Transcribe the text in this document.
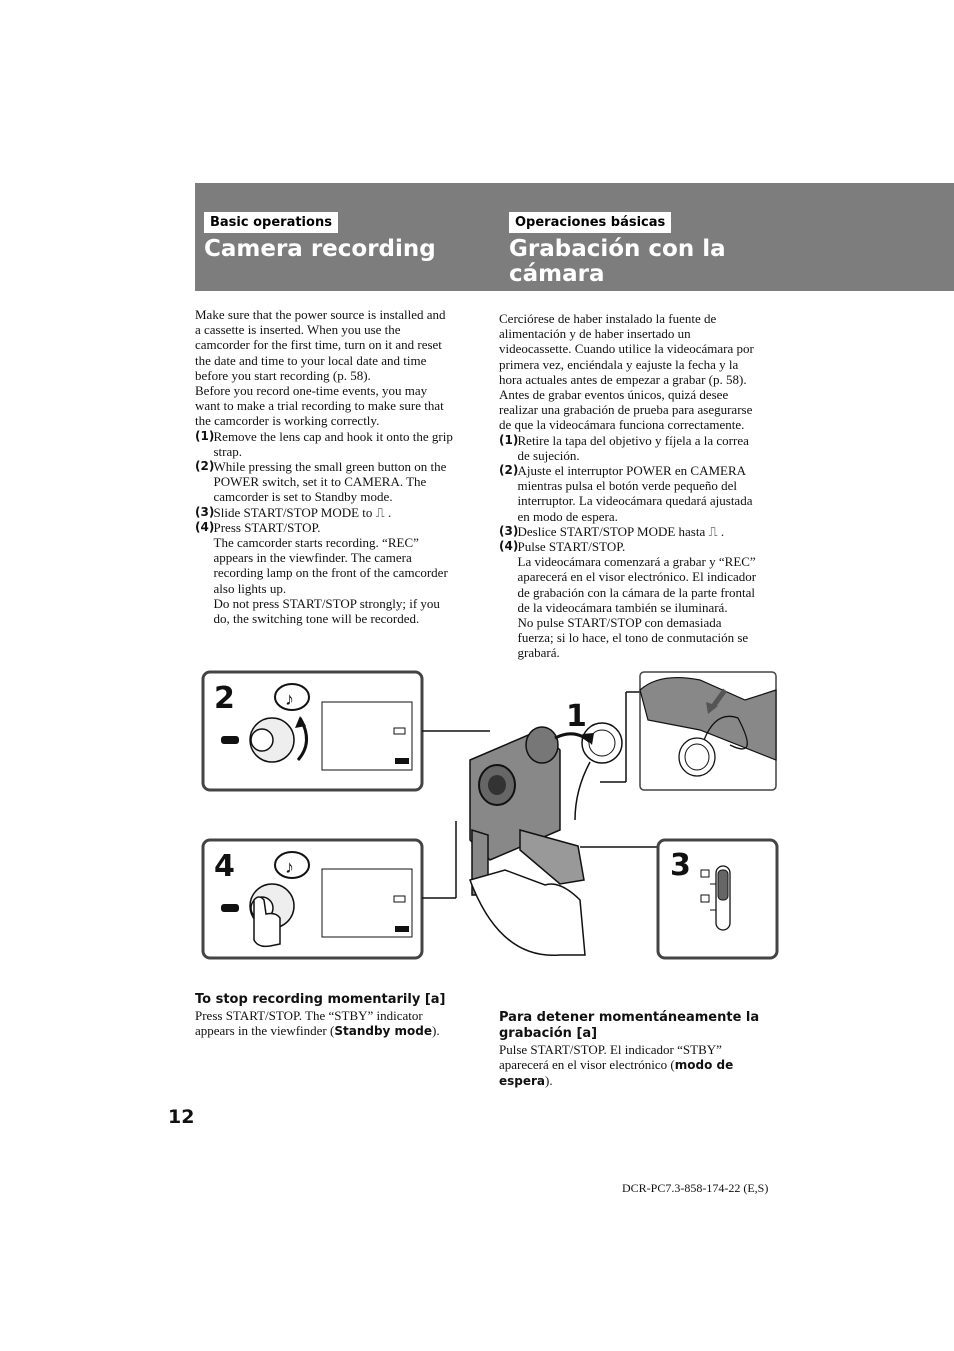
Basic operations
Camera recording
Operaciones básicas
Grabación con la
cámara

Make sure that the power source is installed and

a cassette is inserted. When you use the

camcorder for the first time, turn on it and reset

the date and time to your local date and time

before you start recording (p. 58).

Before you record one-time events, you may

want to make a trial recording to make sure that

the camcorder is working correctly.

(1) Remove the lens cap and hook it onto the grip

strap.

(2) While pressing the small green button on the

POWER switch, set it to CAMERA. The

camcorder is set to Standby mode.

(3) Slide START/STOP MODE to ⎍ .

(4) Press START/STOP.

The camcorder starts recording. “REC”

appears in the viewfinder. The camera

recording lamp on the front of the camcorder

also lights up.

Do not press START/STOP strongly; if you

do, the switching tone will be recorded.

Cerciórese de haber instalado la fuente de

alimentación y de haber insertado un

videocassette. Cuando utilice la videocámara por

primera vez, enciéndala y eajuste la fecha y la

hora actuales antes de empezar a grabar (p. 58).

Antes de grabar eventos únicos, quizá desee

realizar una grabación de prueba para asegurarse

de que la videocámara funciona correctamente.

(1) Retire la tapa del objetivo y fíjela a la correa

de sujeción.

(2) Ajuste el interruptor POWER en CAMERA

mientras pulsa el botón verde pequeño del

interruptor. La videocámara quedará ajustada

en modo de espera.

(3) Deslice START/STOP MODE hasta ⎍ .

(4) Pulse START/STOP.

La videocámara comenzará a grabar y “REC”

aparecerá en el visor electrónico. El indicador

de grabación con la cámara de la parte frontal

de la videocámara también se iluminará.

No pulse START/STOP con demasiada

fuerza; si lo hace, el tono de conmutación se

grabará.

2	♪
4	♪
1
3

To stop recording momentarily [a]

Press START/STOP. The “STBY” indicator

appears in the viewfinder (Standby mode).

Para detener momentáneamente la

grabación [a]

Pulse START/STOP. El indicador “STBY”

aparecerá en el visor electrónico (modo de

espera).

12
DCR-PC7.3-858-174-22 (E,S)
